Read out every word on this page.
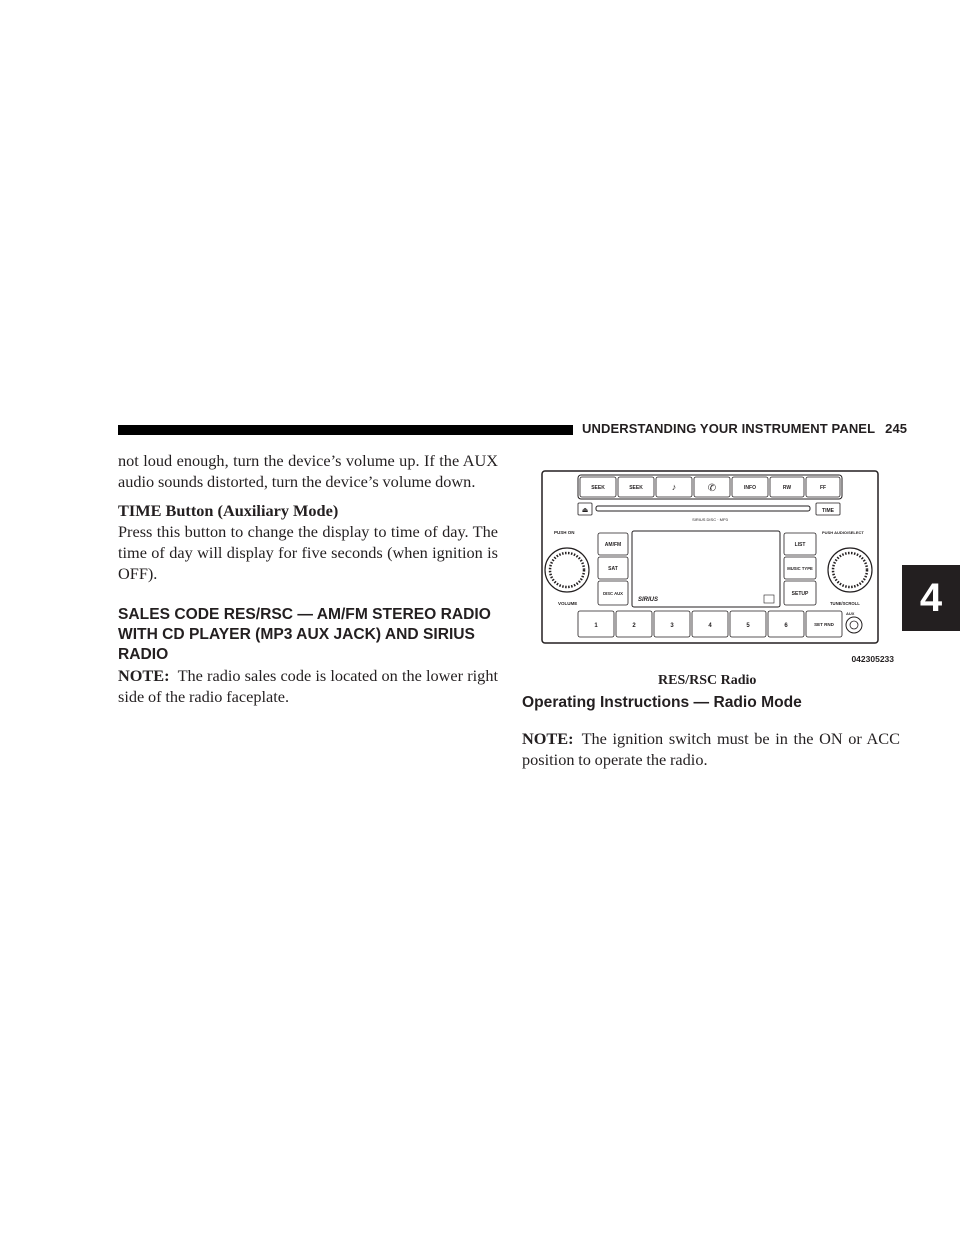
UNDERSTANDING YOUR INSTRUMENT PANEL 245
4

not loud enough, turn the device’s volume up. If the AUX audio sounds distorted, turn the device’s volume down.

TIME Button (Auxiliary Mode)

Press this button to change the display to time of day. The time of day will display for five seconds (when ignition is OFF).

SALES CODE RES/RSC — AM/FM STEREO RADIO WITH CD PLAYER (MP3 AUX JACK) AND SIRIUS RADIO

NOTE: The radio sales code is located on the lower right side of the radio faceplate.

SEEK	SEEK	♪	✆	INFO	RW	FF
⏏	TIME
SIRIUS DISC · MP3
PUSH ON
VOLUME
AM/FM
SAT
DISC AUX
SIRIUS
LIST
MUSIC TYPE
SETUP
PUSH AUDIO/SELECT
TUNE/SCROLL
1	2	3	4	5	6	SET RND
AUX
042305233
RES/RSC Radio
Operating Instructions — Radio Mode

NOTE: The ignition switch must be in the ON or ACC position to operate the radio.
